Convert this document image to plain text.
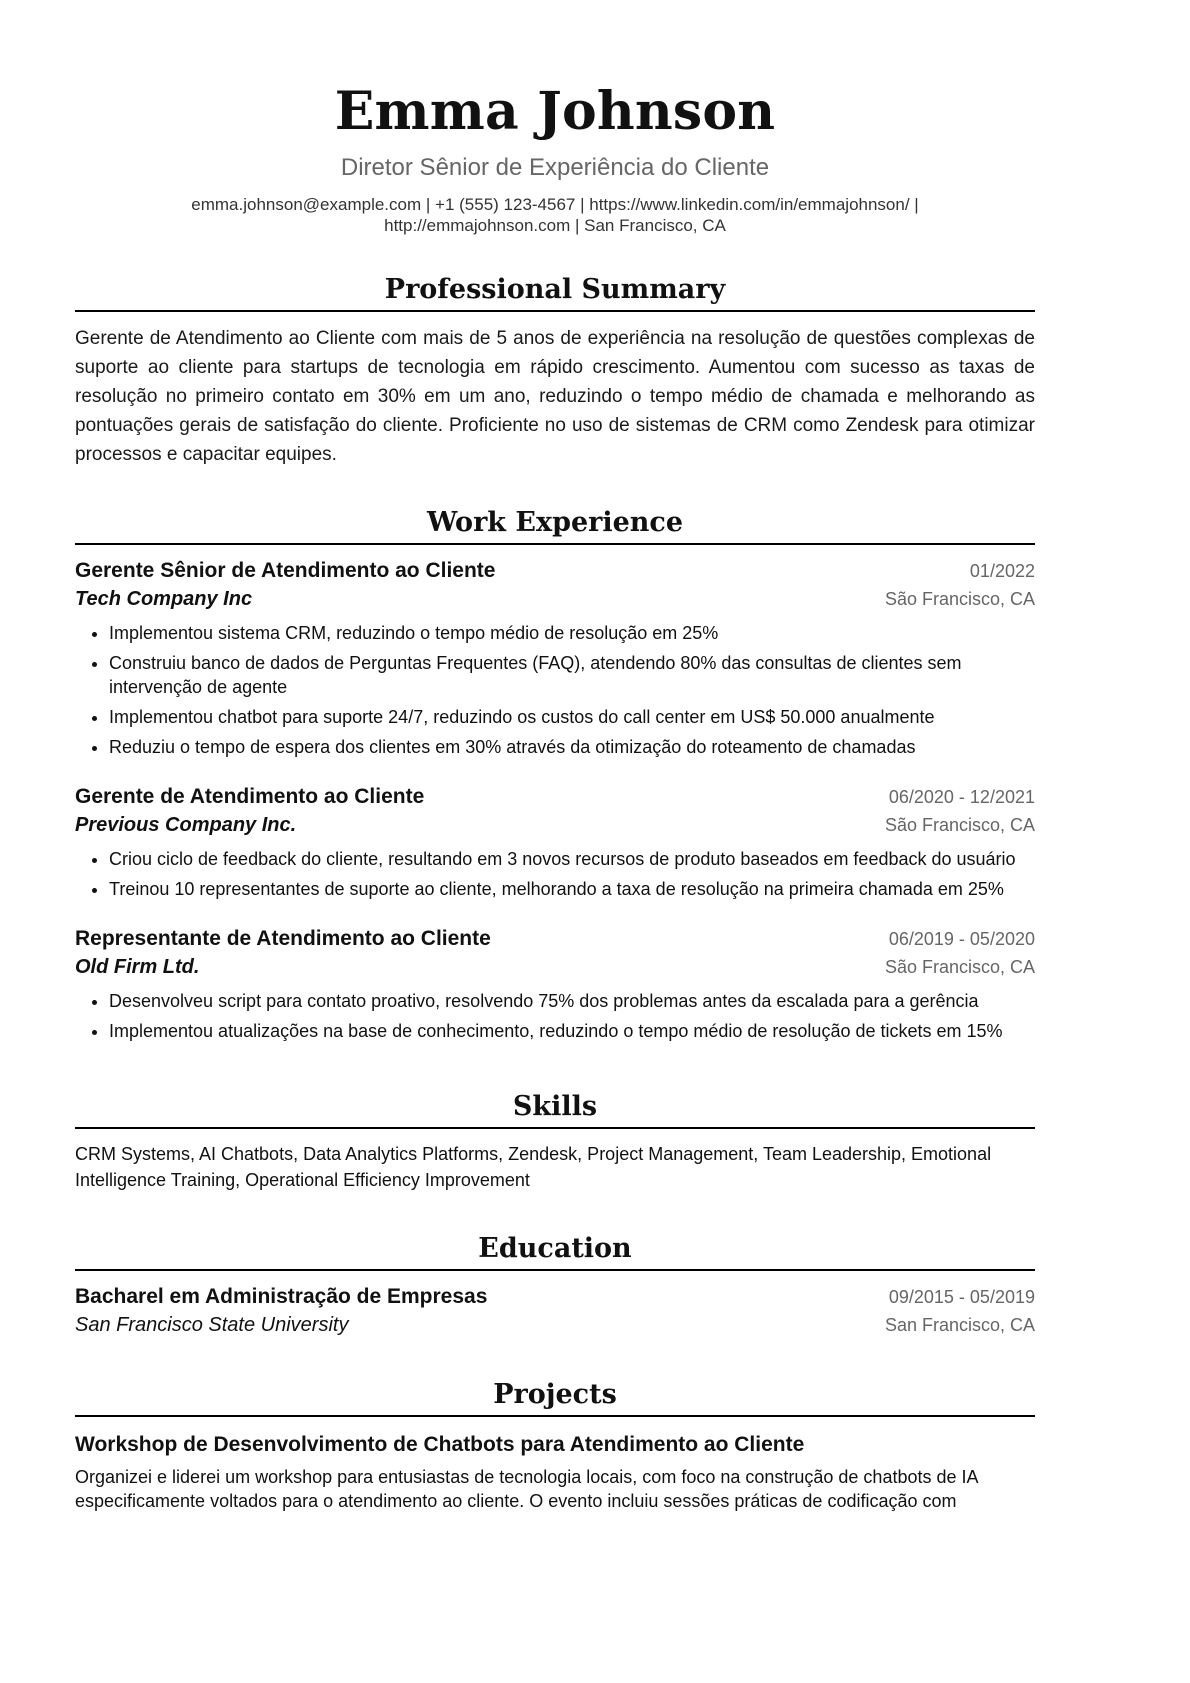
Emma Johnson
Diretor Sênior de Experiência do Cliente
emma.johnson@example.com | +1 (555) 123-4567 | https://www.linkedin.com/in/emmajohnson/ | http://emmajohnson.com | San Francisco, CA
Professional Summary
Gerente de Atendimento ao Cliente com mais de 5 anos de experiência na resolução de questões complexas de suporte ao cliente para startups de tecnologia em rápido crescimento. Aumentou com sucesso as taxas de resolução no primeiro contato em 30% em um ano, reduzindo o tempo médio de chamada e melhorando as pontuações gerais de satisfação do cliente. Proficiente no uso de sistemas de CRM como Zendesk para otimizar processos e capacitar equipes.
Work Experience
Gerente Sênior de Atendimento ao Cliente	01/2022
Tech Company Inc	São Francisco, CA
• Implementou sistema CRM, reduzindo o tempo médio de resolução em 25%
• Construiu banco de dados de Perguntas Frequentes (FAQ), atendendo 80% das consultas de clientes sem intervenção de agente
• Implementou chatbot para suporte 24/7, reduzindo os custos do call center em US$ 50.000 anualmente
• Reduziu o tempo de espera dos clientes em 30% através da otimização do roteamento de chamadas
Gerente de Atendimento ao Cliente	06/2020 - 12/2021
Previous Company Inc.	São Francisco, CA
• Criou ciclo de feedback do cliente, resultando em 3 novos recursos de produto baseados em feedback do usuário
• Treinou 10 representantes de suporte ao cliente, melhorando a taxa de resolução na primeira chamada em 25%
Representante de Atendimento ao Cliente	06/2019 - 05/2020
Old Firm Ltd.	São Francisco, CA
• Desenvolveu script para contato proativo, resolvendo 75% dos problemas antes da escalada para a gerência
• Implementou atualizações na base de conhecimento, reduzindo o tempo médio de resolução de tickets em 15%
Skills
CRM Systems, AI Chatbots, Data Analytics Platforms, Zendesk, Project Management, Team Leadership, Emotional Intelligence Training, Operational Efficiency Improvement
Education
Bacharel em Administração de Empresas	09/2015 - 05/2019
San Francisco State University	San Francisco, CA
Projects
Workshop de Desenvolvimento de Chatbots para Atendimento ao Cliente
Organizei e liderei um workshop para entusiastas de tecnologia locais, com foco na construção de chatbots de IA especificamente voltados para o atendimento ao cliente. O evento incluiu sessões práticas de codificação com
